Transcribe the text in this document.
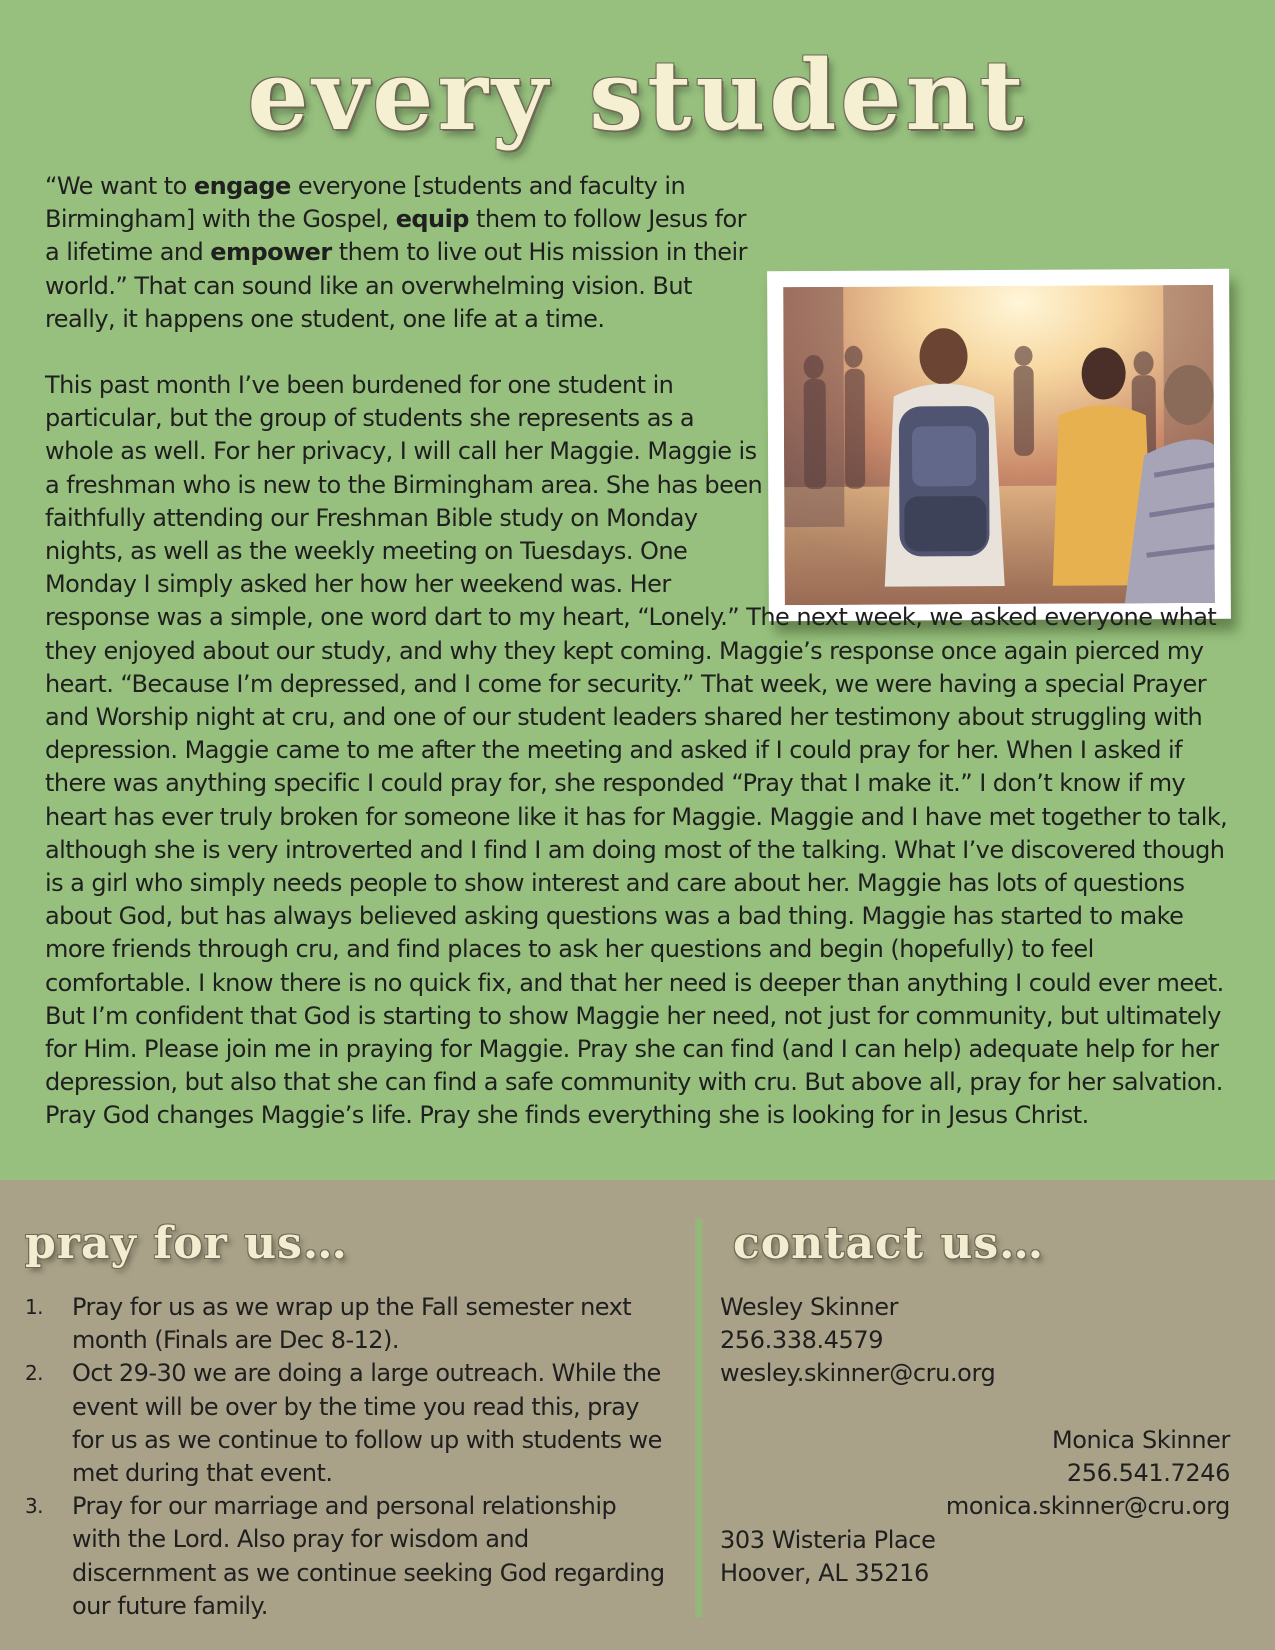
every student

“We want to engage everyone [students and faculty in Birmingham] with the Gospel, equip them to follow Jesus for a lifetime and empower them to live out His mission in their world.” That can sound like an overwhelming vision. But really, it happens one student, one life at a time.

This past month I’ve been burdened for one student in particular, but the group of students she represents as a whole as well. For her privacy, I will call her Maggie. Maggie is a freshman who is new to the Birmingham area. She has been faithfully attending our Freshman Bible study on Monday nights, as well as the weekly meeting on Tuesdays. One Monday I simply asked her how her weekend was. Her response was a simple, one word dart to my heart, “Lonely.” The next week, we asked everyone what they enjoyed about our study, and why they kept coming. Maggie’s response once again pierced my heart. “Because I’m depressed, and I come for security.” That week, we were having a special Prayer and Worship night at cru, and one of our student leaders shared her testimony about struggling with depression. Maggie came to me after the meeting and asked if I could pray for her. When I asked if there was anything specific I could pray for, she responded “Pray that I make it.” I don’t know if my heart has ever truly broken for someone like it has for Maggie. Maggie and I have met together to talk, although she is very introverted and I find I am doing most of the talking. What I’ve discovered though is a girl who simply needs people to show interest and care about her. Maggie has lots of questions about God, but has always believed asking questions was a bad thing. Maggie has started to make more friends through cru, and find places to ask her questions and begin (hopefully) to feel comfortable. I know there is no quick fix, and that her need is deeper than anything I could ever meet. But I’m confident that God is starting to show Maggie her need, not just for community, but ultimately for Him. Please join me in praying for Maggie. Pray she can find (and I can help) adequate help for her depression, but also that she can find a safe community with cru. But above all, pray for her salvation. Pray God changes Maggie’s life. Pray she finds everything she is looking for in Jesus Christ.

pray for us…
1. Pray for us as we wrap up the Fall semester next month (Finals are Dec 8-12).
2. Oct 29-30 we are doing a large outreach. While the event will be over by the time you read this, pray for us as we continue to follow up with students we met during that event.
3. Pray for our marriage and personal relationship with the Lord. Also pray for wisdom and discernment as we continue seeking God regarding our future family.
contact us…
Wesley Skinner
256.338.4579
wesley.skinner@cru.org
Monica Skinner
256.541.7246
monica.skinner@cru.org
303 Wisteria Place
Hoover, AL 35216
